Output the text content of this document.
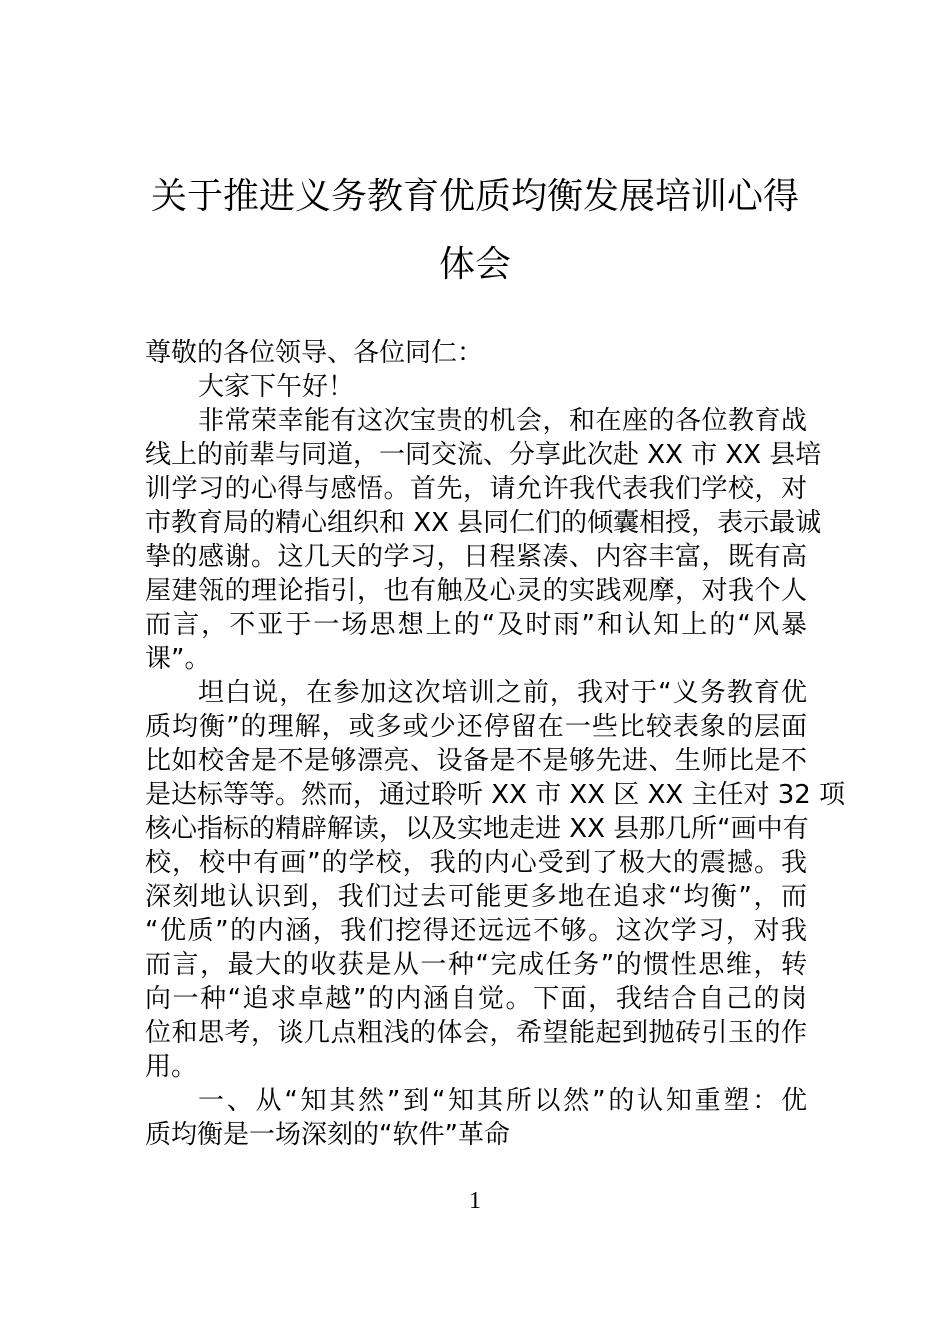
关于推进义务教育优质均衡发展培训心得
体会
尊敬的各位领导、各位同仁：
大家下午好！
非常荣幸能有这次宝贵的机会，和在座的各位教育战
线上的前辈与同道，一同交流、分享此次赴 XX 市 XX 县培
训学习的心得与感悟。首先，请允许我代表我们学校，对
市教育局的精心组织和 XX 县同仁们的倾囊相授，表示最诚
挚的感谢。这几天的学习，日程紧凑、内容丰富，既有高
屋建瓴的理论指引，也有触及心灵的实践观摩，对我个人
而言，不亚于一场思想上的“及时雨”和认知上的“风暴
课”。
坦白说，在参加这次培训之前，我对于“义务教育优
质均衡”的理解，或多或少还停留在一些比较表象的层面
比如校舍是不是够漂亮、设备是不是够先进、生师比是不
是达标等等。然而，通过聆听 XX 市 XX 区 XX 主任对 32 项
核心指标的精辟解读，以及实地走进 XX 县那几所“画中有
校，校中有画”的学校，我的内心受到了极大的震撼。我
深刻地认识到，我们过去可能更多地在追求“均衡”，而
“优质”的内涵，我们挖得还远远不够。这次学习，对我
而言，最大的收获是从一种“完成任务”的惯性思维，转
向一种“追求卓越”的内涵自觉。下面，我结合自己的岗
位和思考，谈几点粗浅的体会，希望能起到抛砖引玉的作
用。
一、从“知其然”到“知其所以然”的认知重塑：优
质均衡是一场深刻的“软件”革命
1
